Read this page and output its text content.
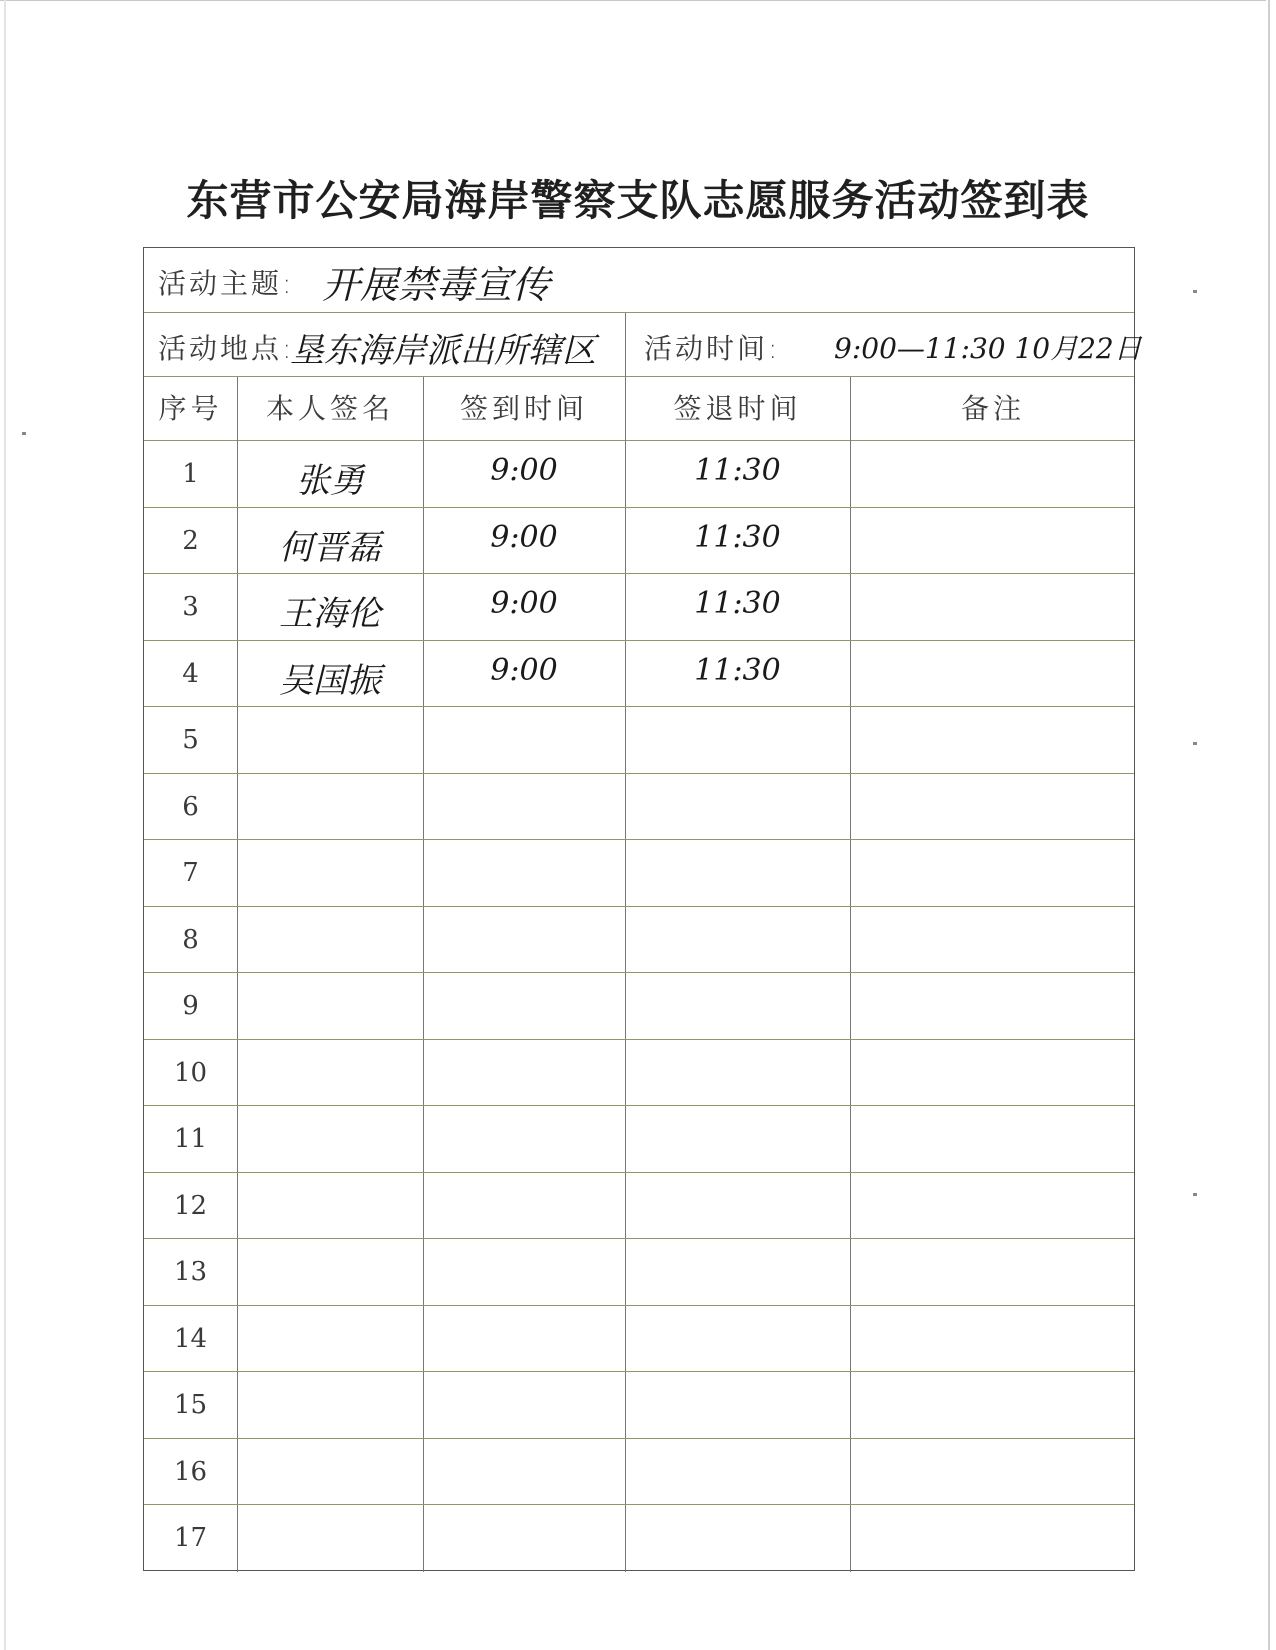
东营市公安局海岸警察支队志愿服务活动签到表
活动主题: 开展禁毒宣传
活动地点:
垦东海岸派出所辖区 活动时间: 9:00—11:30 10月22日
序号	本人签名	签到时间	签退时间	备注
1	张勇	9:00	11:30
2	何晋磊	9:00	11:30
3	王海伦	9:00	11:30
4	吴国振	9:00	11:30
5
6
7
8
9
10
11
12
13
14
15
16
17
